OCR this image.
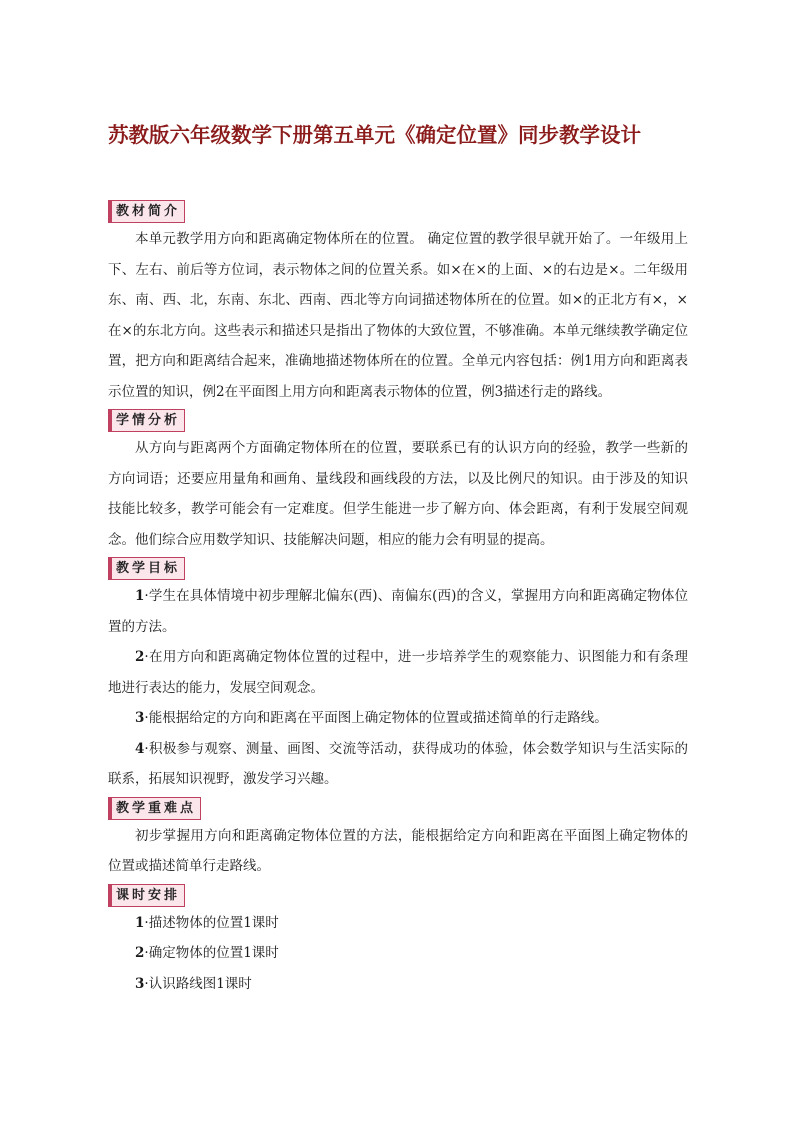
苏教版六年级数学下册第五单元《确定位置》同步教学设计
教材简介

本单元教学用方向和距离确定物体所在的位置。 确定位置的教学很早就开始了。一年级用上下、左右、前后等方位词，表示物体之间的位置关系。如×在×的上面、×的右边是×。二年级用东、南、西、北，东南、东北、西南、西北等方向词描述物体所在的位置。如×的正北方有×，×在×的东北方向。这些表示和描述只是指出了物体的大致位置，不够准确。本单元继续教学确定位置，把方向和距离结合起来，准确地描述物体所在的位置。全单元内容包括：例1用方向和距离表示位置的知识，例2在平面图上用方向和距离表示物体的位置，例3描述行走的路线。

学情分析

从方向与距离两个方面确定物体所在的位置，要联系已有的认识方向的经验，教学一些新的方向词语；还要应用量角和画角、量线段和画线段的方法，以及比例尺的知识。由于涉及的知识技能比较多，教学可能会有一定难度。但学生能进一步了解方向、体会距离，有利于发展空间观念。他们综合应用数学知识、技能解决问题，相应的能力会有明显的提高。

教学目标

1·学生在具体情境中初步理解北偏东(西)、南偏东(西)的含义，掌握用方向和距离确定物体位置的方法。

2·在用方向和距离确定物体位置的过程中，进一步培养学生的观察能力、识图能力和有条理地进行表达的能力，发展空间观念。

3·能根据给定的方向和距离在平面图上确定物体的位置或描述简单的行走路线。

4·积极参与观察、测量、画图、交流等活动，获得成功的体验，体会数学知识与生活实际的联系，拓展知识视野，激发学习兴趣。

教学重难点

初步掌握用方向和距离确定物体位置的方法，能根据给定方向和距离在平面图上确定物体的位置或描述简单行走路线。

课时安排

1·描述物体的位置1课时

2·确定物体的位置1课时

3·认识路线图1课时
